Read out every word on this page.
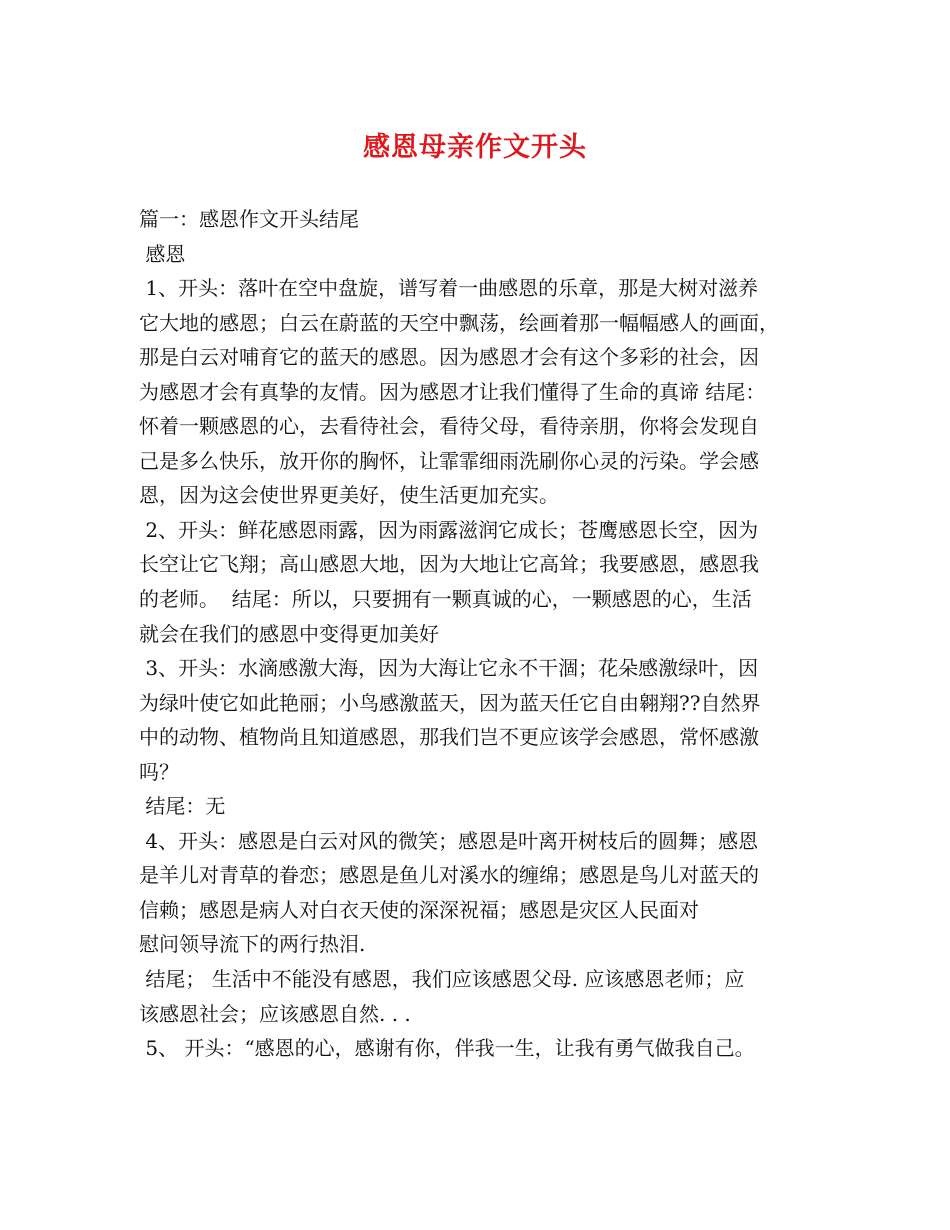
感恩母亲作文开头
篇一：感恩作文开头结尾
感恩
1、开头：落叶在空中盘旋，谱写着一曲感恩的乐章，那是大树对滋养
它大地的感恩；白云在蔚蓝的天空中飘荡，绘画着那一幅幅感人的画面，
那是白云对哺育它的蓝天的感恩。因为感恩才会有这个多彩的社会，因
为感恩才会有真挚的友情。因为感恩才让我们懂得了生命的真谛 结尾：
怀着一颗感恩的心，去看待社会，看待父母，看待亲朋，你将会发现自
己是多么快乐，放开你的胸怀，让霏霏细雨洗刷你心灵的污染。学会感
恩，因为这会使世界更美好，使生活更加充实。
2、开头：鲜花感恩雨露，因为雨露滋润它成长；苍鹰感恩长空，因为
长空让它飞翔；高山感恩大地，因为大地让它高耸；我要感恩，感恩我
的老师。  结尾：所以，只要拥有一颗真诚的心，一颗感恩的心，生活
就会在我们的感恩中变得更加美好
3、开头：水滴感激大海，因为大海让它永不干涸；花朵感激绿叶，因
为绿叶使它如此艳丽；小鸟感激蓝天，因为蓝天任它自由翱翔??自然界
中的动物、植物尚且知道感恩，那我们岂不更应该学会感恩，常怀感激
吗？
结尾：无
4、开头：感恩是白云对风的微笑；感恩是叶离开树枝后的圆舞；感恩
是羊儿对青草的眷恋；感恩是鱼儿对溪水的缠绵；感恩是鸟儿对蓝天的
信赖；感恩是病人对白衣天使的深深祝福；感恩是灾区人民面对
慰问领导流下的两行热泪.
结尾； 生活中不能没有感恩，我们应该感恩父母. 应该感恩老师；应
该感恩社会；应该感恩自然. . .
5、 开头：“感恩的心，感谢有你，伴我一生，让我有勇气做我自己。
